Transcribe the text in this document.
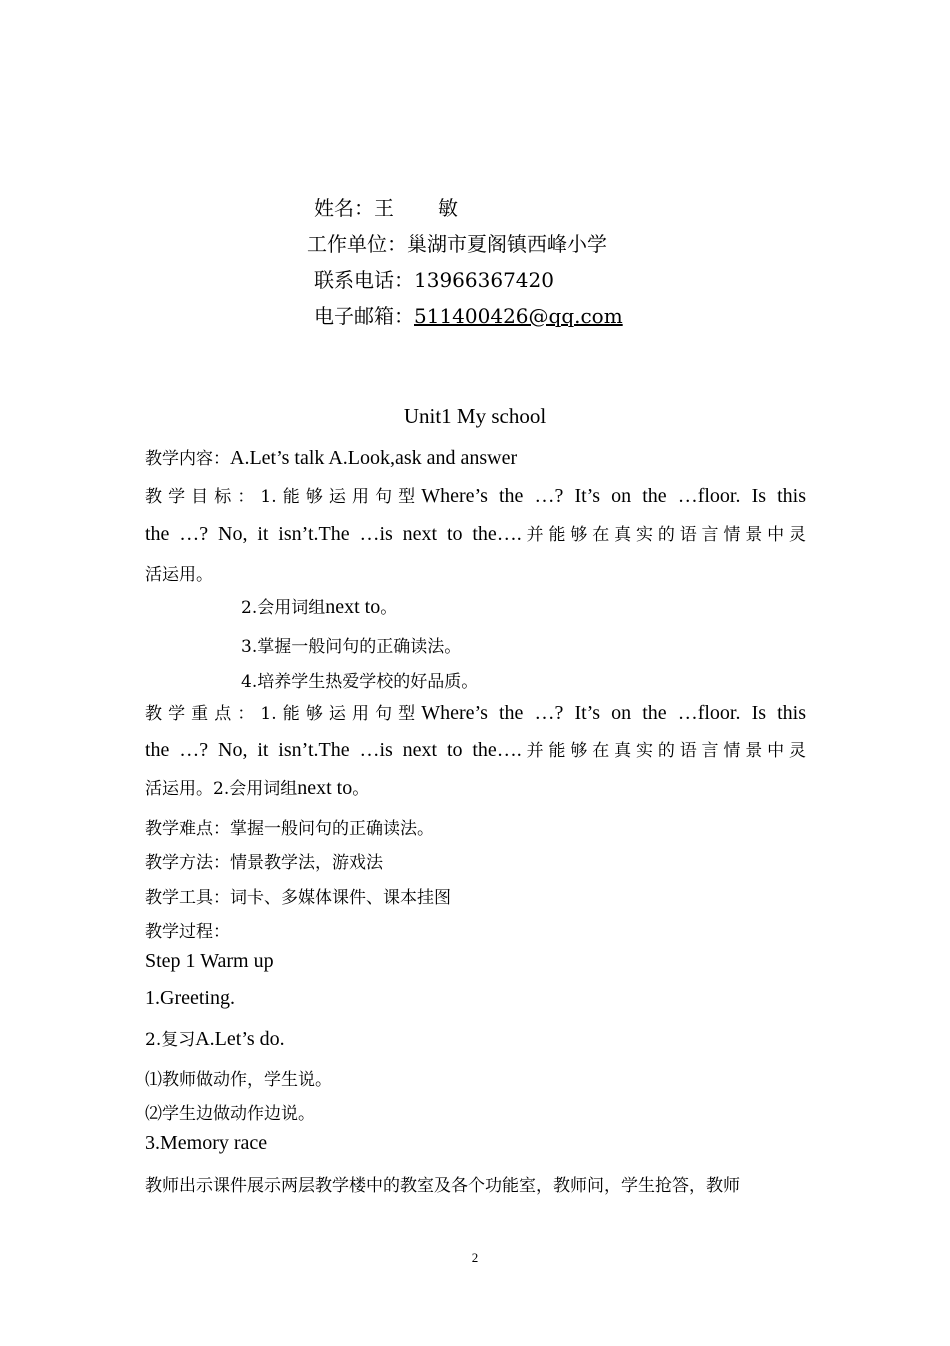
姓名：王 敏
工作单位：巢湖市夏阁镇西峰小学
联系电话：13966367420
电子邮箱：511400426@qq.com
Unit1 My school
教学内容：A.Let’s talk A.Look,ask and answer
教学目标：1.能够运用句型Where’s the …? It’s on the …floor. Is this
the …? No, it isn’t.The …is next to the….并能够在真实的语言情景中灵
活运用。
2.会用词组next to。
3.掌握一般问句的正确读法。
4.培养学生热爱学校的好品质。
教学重点：1.能够运用句型Where’s the …? It’s on the …floor. Is this
the …? No, it isn’t.The …is next to the….并能够在真实的语言情景中灵
活运用。2.会用词组next to。
教学难点：掌握一般问句的正确读法。
教学方法：情景教学法，游戏法
教学工具：词卡、多媒体课件、课本挂图
教学过程：
Step 1 Warm up
1.Greeting.
2.复习A.Let’s do.
⑴教师做动作，学生说。
⑵学生边做动作边说。
3.Memory race
教师出示课件展示两层教学楼中的教室及各个功能室，教师问，学生抢答，教师
2
